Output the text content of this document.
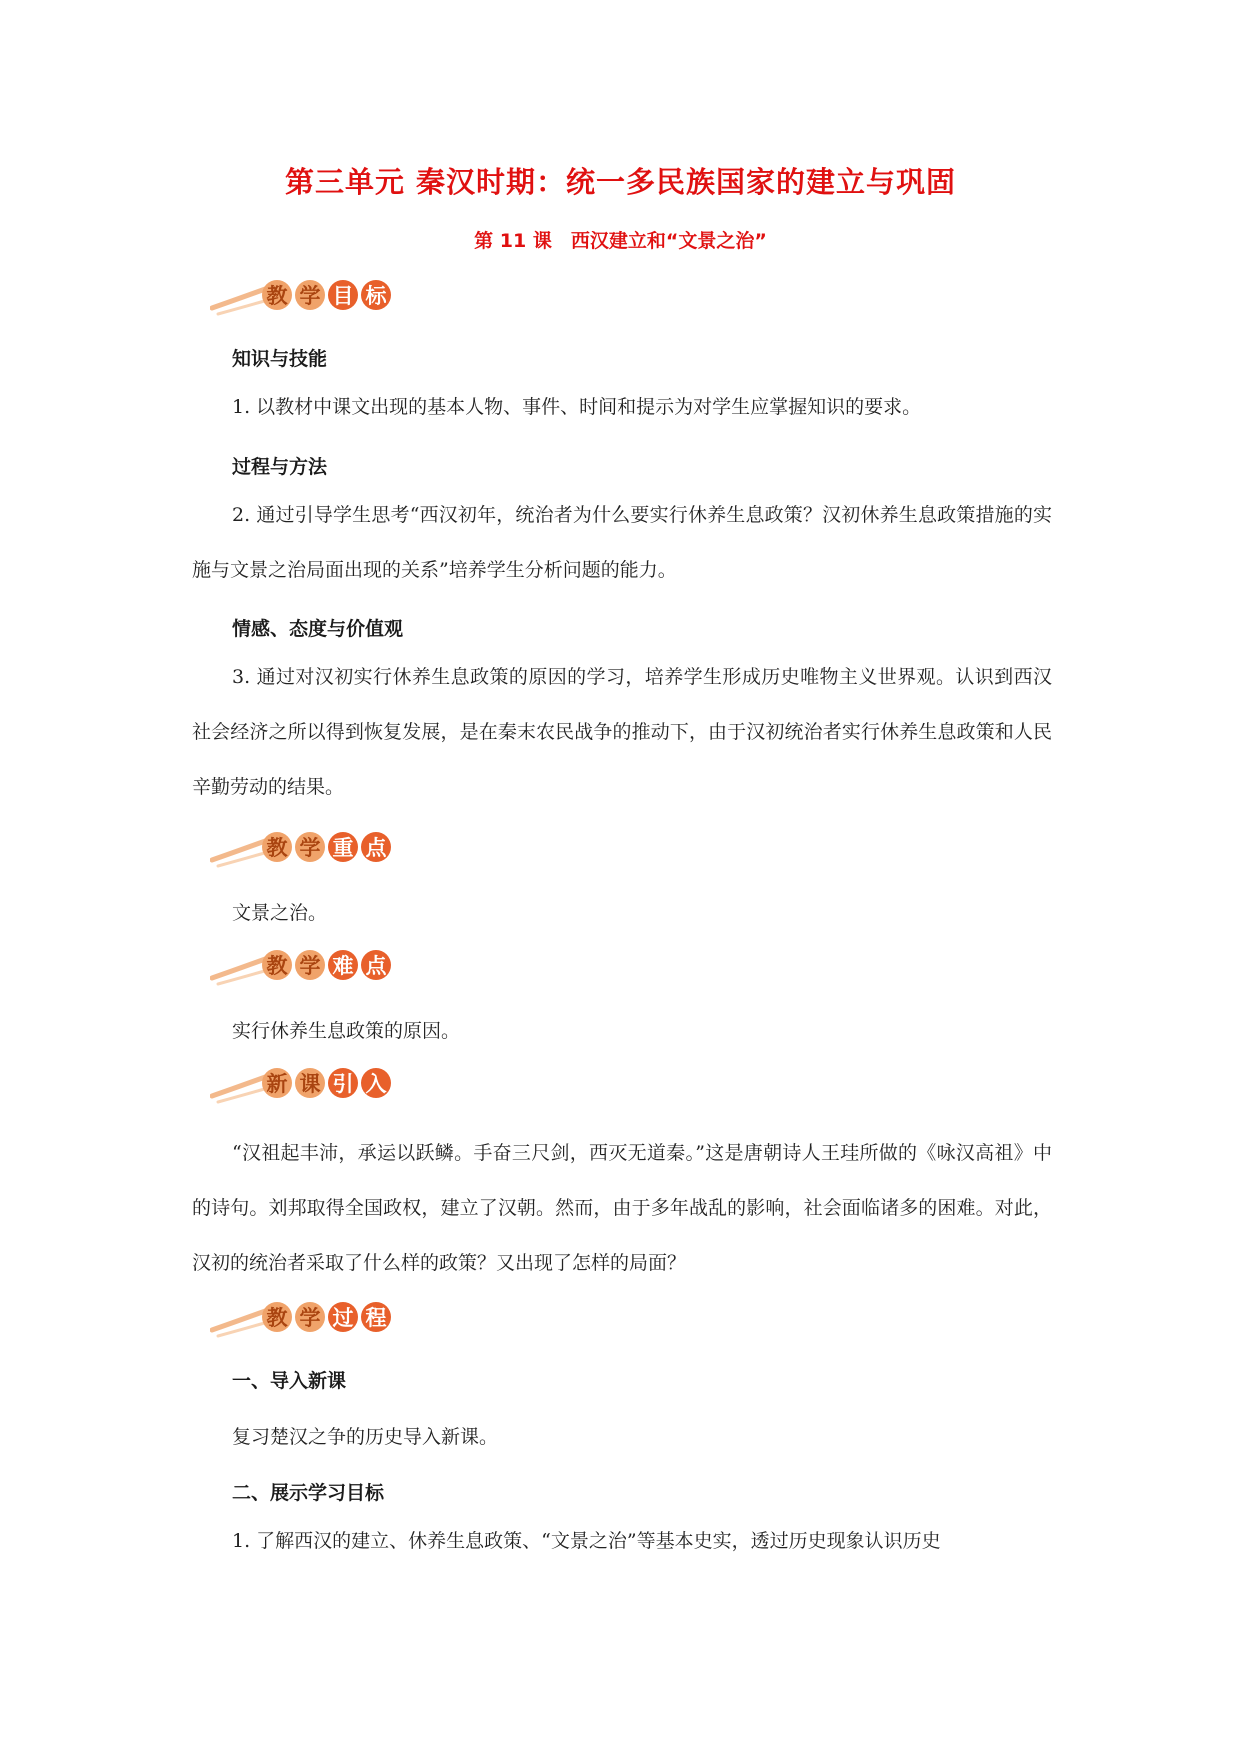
第三单元 秦汉时期：统一多民族国家的建立与巩固
第 11 课　西汉建立和“文景之治”
教 学 目 标
知识与技能
1. 以教材中课文出现的基本人物、事件、时间和提示为对学生应掌握知识的要求。
过程与方法
2. 通过引导学生思考“西汉初年，统治者为什么要实行休养生息政策？汉初休养生息政策措施的实施与文景之治局面出现的关系”培养学生分析问题的能力。
情感、态度与价值观
3. 通过对汉初实行休养生息政策的原因的学习，培养学生形成历史唯物主义世界观。认识到西汉社会经济之所以得到恢复发展，是在秦末农民战争的推动下，由于汉初统治者实行休养生息政策和人民辛勤劳动的结果。
教 学 重 点
文景之治。
教 学 难 点
实行休养生息政策的原因。
新 课 引 入
“汉祖起丰沛，承运以跃鳞。手奋三尺剑，西灭无道秦。”这是唐朝诗人王珪所做的《咏汉高祖》中的诗句。刘邦取得全国政权，建立了汉朝。然而，由于多年战乱的影响，社会面临诸多的困难。对此，汉初的统治者采取了什么样的政策？又出现了怎样的局面？
教 学 过 程
一、导入新课
复习楚汉之争的历史导入新课。
二、展示学习目标
1. 了解西汉的建立、休养生息政策、“文景之治”等基本史实，透过历史现象认识历史
